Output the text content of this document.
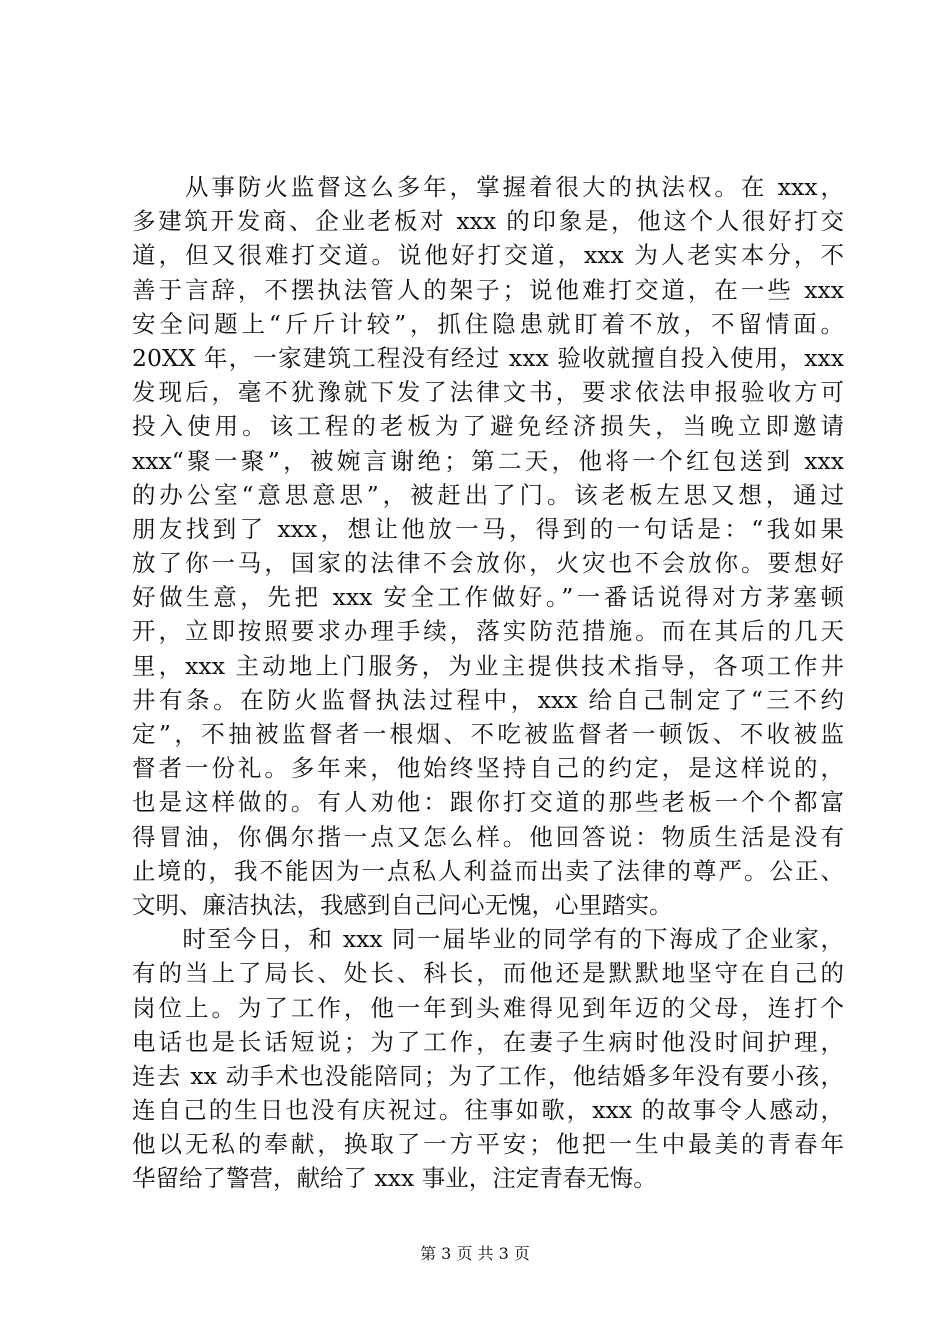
　　从事防火监督这么多年，掌握着很大的执法权。在 xxx，
多建筑开发商、企业老板对 xxx 的印象是，他这个人很好打交
道，但又很难打交道。说他好打交道，xxx 为人老实本分，不
善于言辞，不摆执法管人的架子；说他难打交道，在一些 xxx
安全问题上“斤斤计较”，抓住隐患就盯着不放，不留情面。
20XX 年，一家建筑工程没有经过 xxx 验收就擅自投入使用，xxx
发现后，毫不犹豫就下发了法律文书，要求依法申报验收方可
投入使用。该工程的老板为了避免经济损失，当晚立即邀请
xxx“聚一聚”，被婉言谢绝；第二天，他将一个红包送到 xxx
的办公室“意思意思”，被赶出了门。该老板左思又想，通过
朋友找到了 xxx，想让他放一马，得到的一句话是：“我如果
放了你一马，国家的法律不会放你，火灾也不会放你。要想好
好做生意，先把 xxx 安全工作做好。”一番话说得对方茅塞顿
开，立即按照要求办理手续，落实防范措施。而在其后的几天
里，xxx 主动地上门服务，为业主提供技术指导，各项工作井
井有条。在防火监督执法过程中，xxx 给自己制定了“三不约
定”，不抽被监督者一根烟、不吃被监督者一顿饭、不收被监
督者一份礼。多年来，他始终坚持自己的约定，是这样说的，
也是这样做的。有人劝他：跟你打交道的那些老板一个个都富
得冒油，你偶尔揩一点又怎么样。他回答说：物质生活是没有
止境的，我不能因为一点私人利益而出卖了法律的尊严。公正、
文明、廉洁执法，我感到自己问心无愧，心里踏实。
　　时至今日，和 xxx 同一届毕业的同学有的下海成了企业家，
有的当上了局长、处长、科长，而他还是默默地坚守在自己的
岗位上。为了工作，他一年到头难得见到年迈的父母，连打个
电话也是长话短说；为了工作，在妻子生病时他没时间护理，
连去 xx 动手术也没能陪同；为了工作，他结婚多年没有要小孩，
连自己的生日也没有庆祝过。往事如歌，xxx 的故事令人感动，
他以无私的奉献，换取了一方平安；他把一生中最美的青春年
华留给了警营，献给了 xxx 事业，注定青春无悔。
第 3 页 共 3 页
